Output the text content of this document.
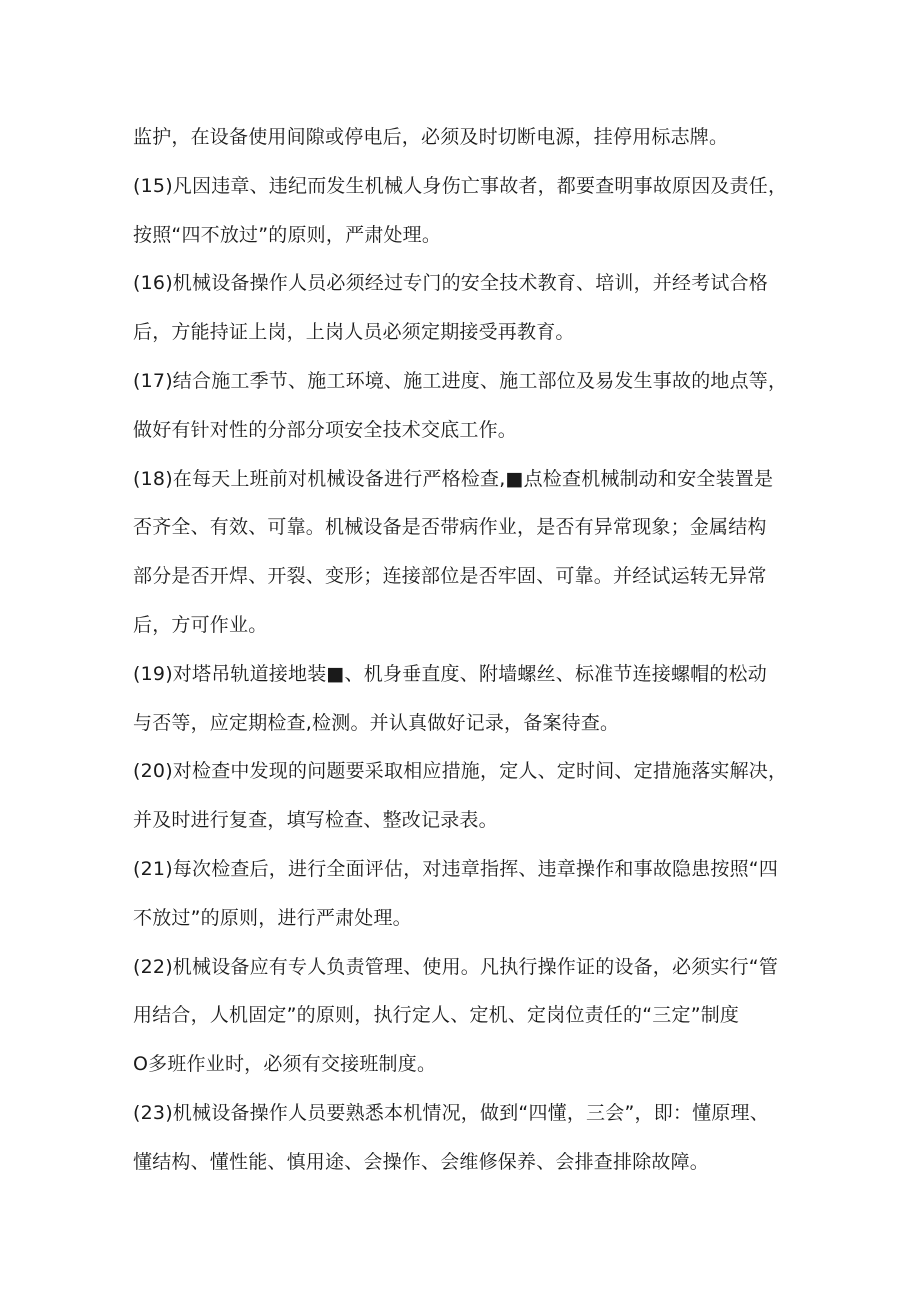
监护，在设备使用间隙或停电后，必须及时切断电源，挂停用标志牌。
(15)凡因违章、违纪而发生机械人身伤亡事故者，都要查明事故原因及责任，
按照“四不放过”的原则，严肃处理。
(16)机械设备操作人员必须经过专门的安全技术教育、培训，并经考试合格
后，方能持证上岗，上岗人员必须定期接受再教育。
(17)结合施工季节、施工环境、施工进度、施工部位及易发生事故的地点等，
做好有针对性的分部分项安全技术交底工作。
(18)在每天上班前对机械设备进行严格检查,■点检查机械制动和安全装置是
否齐全、有效、可靠。机械设备是否带病作业，是否有异常现象；金属结构
部分是否开焊、开裂、变形；连接部位是否牢固、可靠。并经试运转无异常
后，方可作业。
(19)对塔吊轨道接地装■、机身垂直度、附墙螺丝、标准节连接螺帽的松动
与否等，应定期检查,检测。并认真做好记录，备案待查。
(20)对检查中发现的问题要采取相应措施，定人、定时间、定措施落实解决，
并及时进行复查，填写检查、整改记录表。
(21)每次检查后，进行全面评估，对违章指挥、违章操作和事故隐患按照“四
不放过”的原则，进行严肃处理。
(22)机械设备应有专人负责管理、使用。凡执行操作证的设备，必须实行“管
用结合，人机固定”的原则，执行定人、定机、定岗位责任的“三定”制度
O多班作业时，必须有交接班制度。
(23)机械设备操作人员要熟悉本机情况，做到“四懂，三会”，即：懂原理、
懂结构、懂性能、慎用途、会操作、会维修保养、会排查排除故障。
